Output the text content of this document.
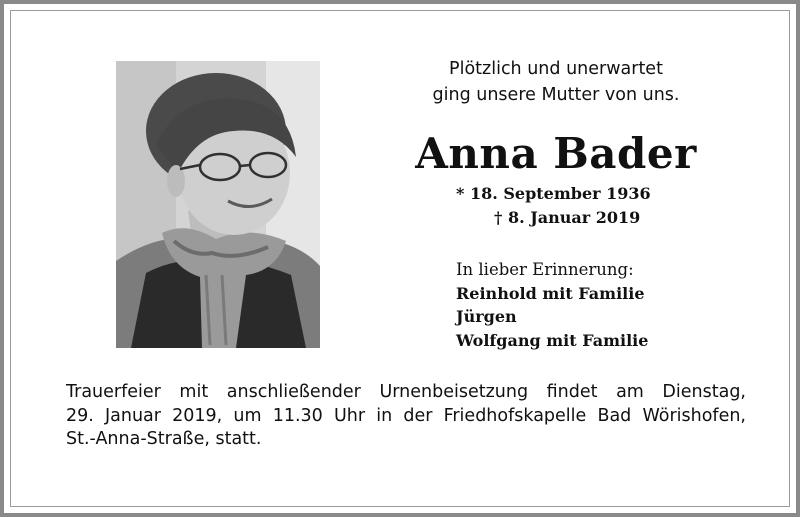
Plötzlich und unerwartet
ging unsere Mutter von uns.
Anna Bader
* 18. September 1936
† 8. Januar 2019
In lieber Erinnerung:
Reinhold mit Familie
Jürgen
Wolfgang mit Familie
Trauerfeier mit anschließender Urnenbeisetzung findet am Dienstag,
29. Januar 2019, um 11.30 Uhr in der Friedhofskapelle Bad Wörishofen,
St.-Anna-Straße, statt.
